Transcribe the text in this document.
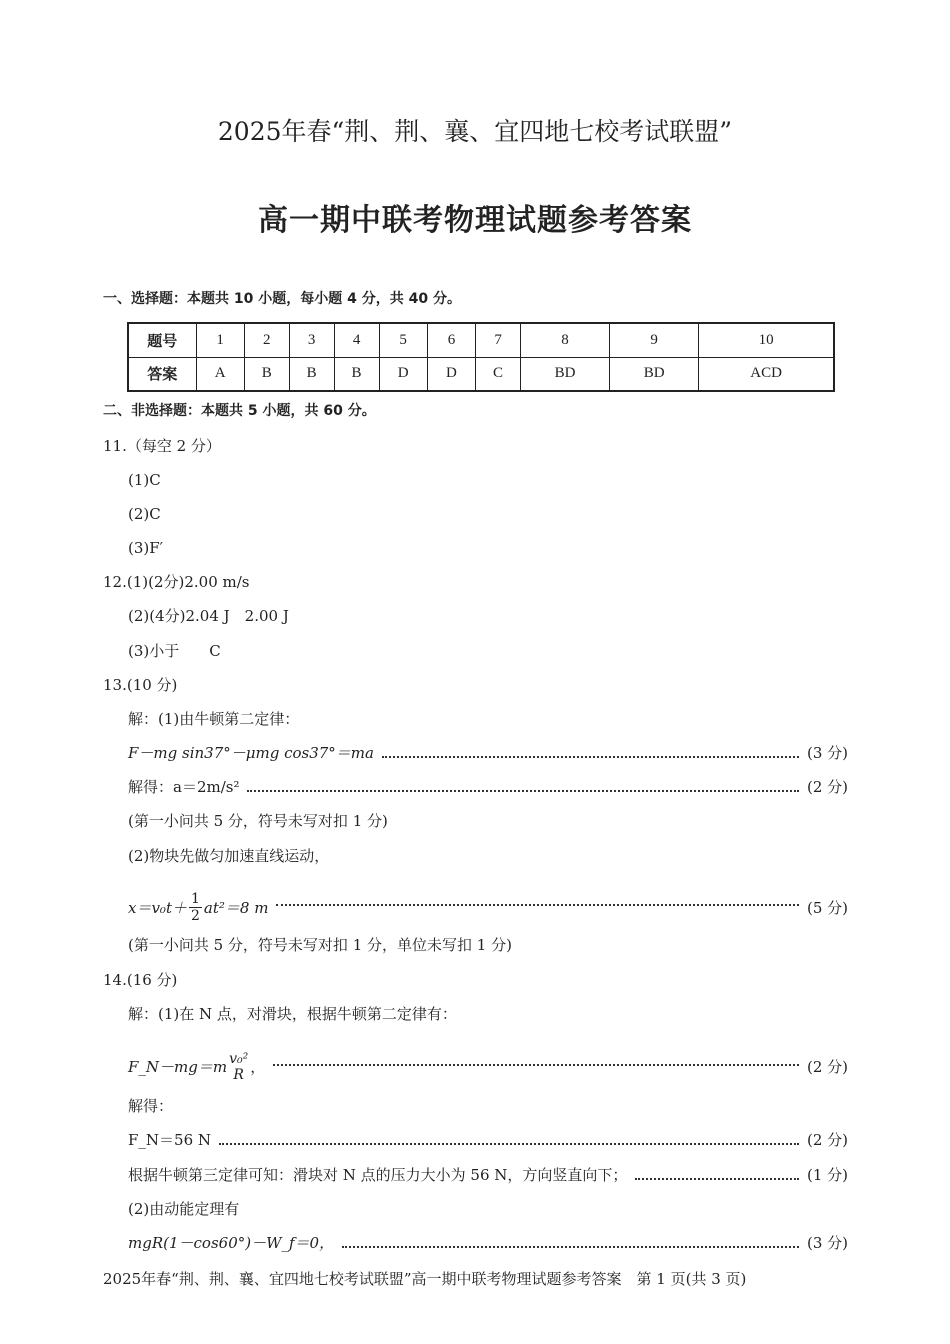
2025年春“荆、荆、襄、宜四地七校考试联盟”
高一期中联考物理试题参考答案
一、选择题：本题共 10 小题，每小题 4 分，共 40 分。
题号	1	2	3	4	5	6	7	8	9	10
答案	A	B	B	B	D	D	C	BD	BD	ACD
二、非选择题：本题共 5 小题，共 60 分。
11.（每空 2 分）
(1)C
(2)C
(3)F′
12.(1)(2分)2.00 m/s
(2)(4分)2.04 J　2.00 J
(3)小于　　C
13.(10 分)
解：(1)由牛顿第二定律：
F－mg sin37°－μmg cos37°＝ma	(3 分)
解得：a＝2m/s²	(2 分)
(第一小问共 5 分，符号未写对扣 1 分)
(2)物块先做匀加速直线运动，
$x=v_0t+ \frac{1}{2} at^2=8$ m	(5 分)
(第一小问共 5 分，符号未写对扣 1 分，单位未写扣 1 分)
14.(16 分)
解：(1)在 N 点，对滑块，根据牛顿第二定律有：
F_N－mg＝m v₀²
R ，	(2 分)
解得：
F_N＝56 N	(2 分)
根据牛顿第三定律可知：滑块对 N 点的压力大小为 56 N，方向竖直向下；	(1 分)
(2)由动能定理有
mgR(1－cos60°)－W_f＝0，	(3 分)
2025年春“荆、荆、襄、宜四地七校考试联盟”高一期中联考物理试题参考答案　第 1 页(共 3 页)
